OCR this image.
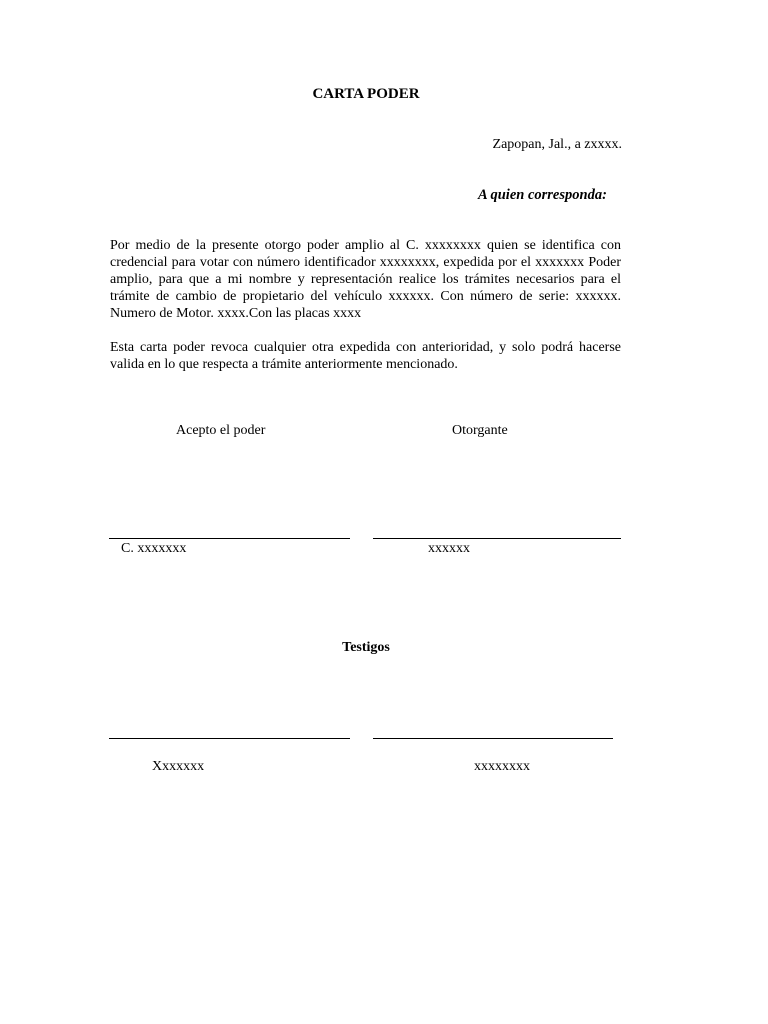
CARTA PODER
Zapopan, Jal., a zxxxx.
A quien corresponda:
Por medio de la presente otorgo poder amplio al C. xxxxxxxx quien se identifica con credencial para votar con número identificador xxxxxxxx, expedida por el xxxxxxx Poder amplio, para que a mi nombre y representación realice los trámites necesarios para el trámite de cambio de propietario del vehículo xxxxxx. Con número de serie: xxxxxx. Numero de Motor. xxxx.Con las placas xxxx
Esta carta poder revoca cualquier otra expedida con anterioridad, y solo podrá hacerse valida en lo que respecta a trámite anteriormente mencionado.
Acepto el poder	Otorgante
C. xxxxxxx	xxxxxx
Testigos
Xxxxxxx	xxxxxxxx
